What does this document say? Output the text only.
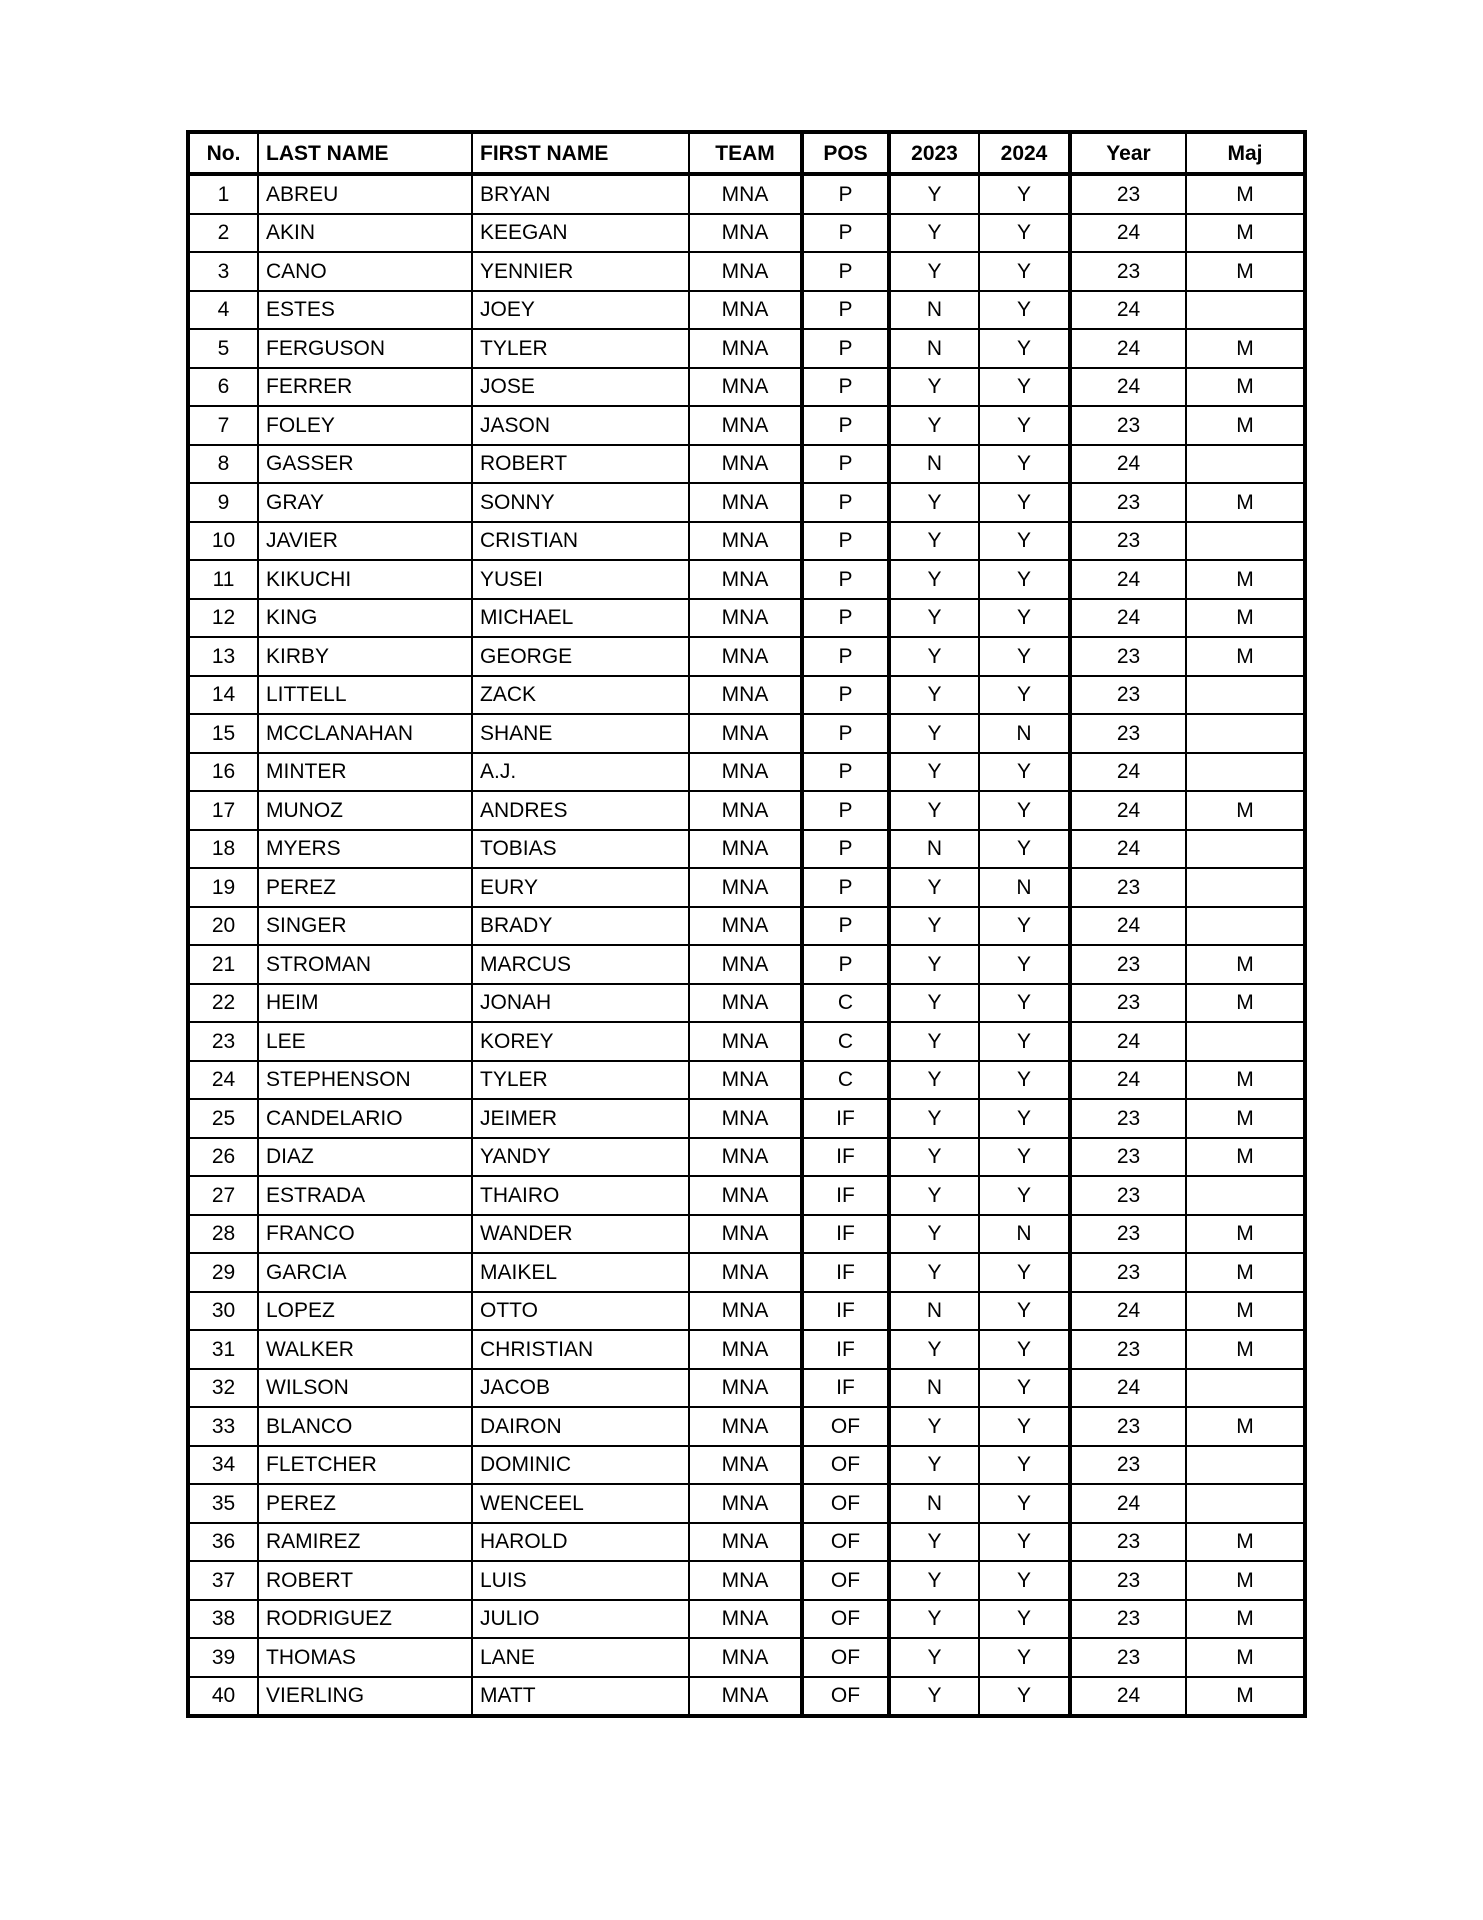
No.	LAST NAME	FIRST NAME	TEAM	POS	2023	2024	Year	Maj
1	ABREU	BRYAN	MNA	P	Y	Y	23	M
2	AKIN	KEEGAN	MNA	P	Y	Y	24	M
3	CANO	YENNIER	MNA	P	Y	Y	23	M
4	ESTES	JOEY	MNA	P	N	Y	24	
5	FERGUSON	TYLER	MNA	P	N	Y	24	M
6	FERRER	JOSE	MNA	P	Y	Y	24	M
7	FOLEY	JASON	MNA	P	Y	Y	23	M
8	GASSER	ROBERT	MNA	P	N	Y	24	
9	GRAY	SONNY	MNA	P	Y	Y	23	M
10	JAVIER	CRISTIAN	MNA	P	Y	Y	23	
11	KIKUCHI	YUSEI	MNA	P	Y	Y	24	M
12	KING	MICHAEL	MNA	P	Y	Y	24	M
13	KIRBY	GEORGE	MNA	P	Y	Y	23	M
14	LITTELL	ZACK	MNA	P	Y	Y	23	
15	MCCLANAHAN	SHANE	MNA	P	Y	N	23	
16	MINTER	A.J.	MNA	P	Y	Y	24	
17	MUNOZ	ANDRES	MNA	P	Y	Y	24	M
18	MYERS	TOBIAS	MNA	P	N	Y	24	
19	PEREZ	EURY	MNA	P	Y	N	23	
20	SINGER	BRADY	MNA	P	Y	Y	24	
21	STROMAN	MARCUS	MNA	P	Y	Y	23	M
22	HEIM	JONAH	MNA	C	Y	Y	23	M
23	LEE	KOREY	MNA	C	Y	Y	24	
24	STEPHENSON	TYLER	MNA	C	Y	Y	24	M
25	CANDELARIO	JEIMER	MNA	IF	Y	Y	23	M
26	DIAZ	YANDY	MNA	IF	Y	Y	23	M
27	ESTRADA	THAIRO	MNA	IF	Y	Y	23	
28	FRANCO	WANDER	MNA	IF	Y	N	23	M
29	GARCIA	MAIKEL	MNA	IF	Y	Y	23	M
30	LOPEZ	OTTO	MNA	IF	N	Y	24	M
31	WALKER	CHRISTIAN	MNA	IF	Y	Y	23	M
32	WILSON	JACOB	MNA	IF	N	Y	24	
33	BLANCO	DAIRON	MNA	OF	Y	Y	23	M
34	FLETCHER	DOMINIC	MNA	OF	Y	Y	23	
35	PEREZ	WENCEEL	MNA	OF	N	Y	24	
36	RAMIREZ	HAROLD	MNA	OF	Y	Y	23	M
37	ROBERT	LUIS	MNA	OF	Y	Y	23	M
38	RODRIGUEZ	JULIO	MNA	OF	Y	Y	23	M
39	THOMAS	LANE	MNA	OF	Y	Y	23	M
40	VIERLING	MATT	MNA	OF	Y	Y	24	M
